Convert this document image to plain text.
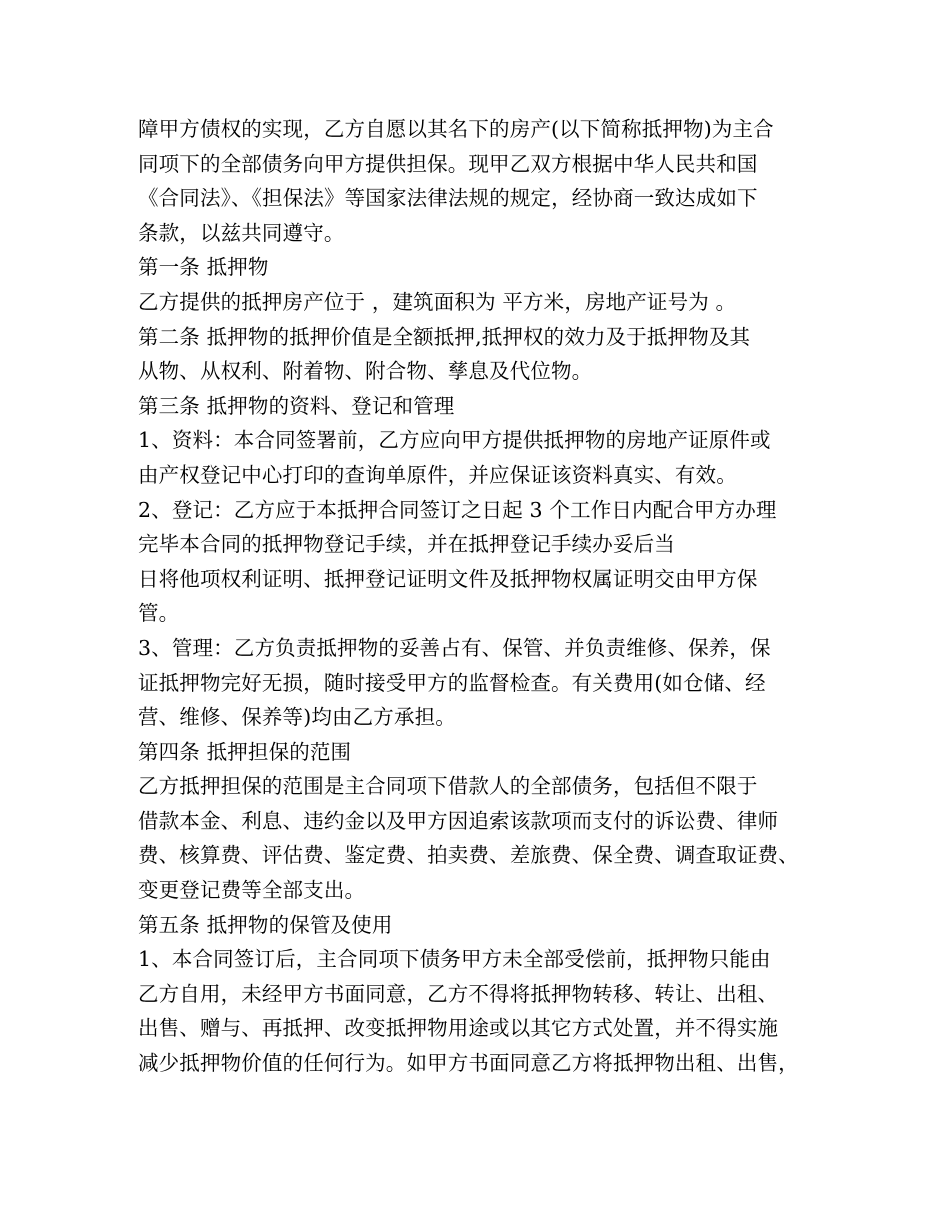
障甲方债权的实现，乙方自愿以其名下的房产(以下简称抵押物)为主合
同项下的全部债务向甲方提供担保。现甲乙双方根据中华人民共和国
《合同法》、《担保法》等国家法律法规的规定，经协商一致达成如下
条款，以兹共同遵守。
第一条 抵押物
乙方提供的抵押房产位于 ，建筑面积为 平方米，房地产证号为 。
第二条 抵押物的抵押价值是全额抵押,抵押权的效力及于抵押物及其
从物、从权利、附着物、附合物、孳息及代位物。
第三条 抵押物的资料、登记和管理
1、资料：本合同签署前，乙方应向甲方提供抵押物的房地产证原件或
由产权登记中心打印的查询单原件，并应保证该资料真实、有效。
2、登记：乙方应于本抵押合同签订之日起 3 个工作日内配合甲方办理
完毕本合同的抵押物登记手续，并在抵押登记手续办妥后当
日将他项权利证明、抵押登记证明文件及抵押物权属证明交由甲方保
管。
3、管理：乙方负责抵押物的妥善占有、保管、并负责维修、保养，保
证抵押物完好无损，随时接受甲方的监督检查。有关费用(如仓储、经
营、维修、保养等)均由乙方承担。
第四条 抵押担保的范围
乙方抵押担保的范围是主合同项下借款人的全部债务，包括但不限于
借款本金、利息、违约金以及甲方因追索该款项而支付的诉讼费、律师
费、核算费、评估费、鉴定费、拍卖费、差旅费、保全费、调查取证费、
变更登记费等全部支出。
第五条 抵押物的保管及使用
1、本合同签订后，主合同项下债务甲方未全部受偿前，抵押物只能由
乙方自用，未经甲方书面同意，乙方不得将抵押物转移、转让、出租、
出售、赠与、再抵押、改变抵押物用途或以其它方式处置，并不得实施
减少抵押物价值的任何行为。如甲方书面同意乙方将抵押物出租、出售，
